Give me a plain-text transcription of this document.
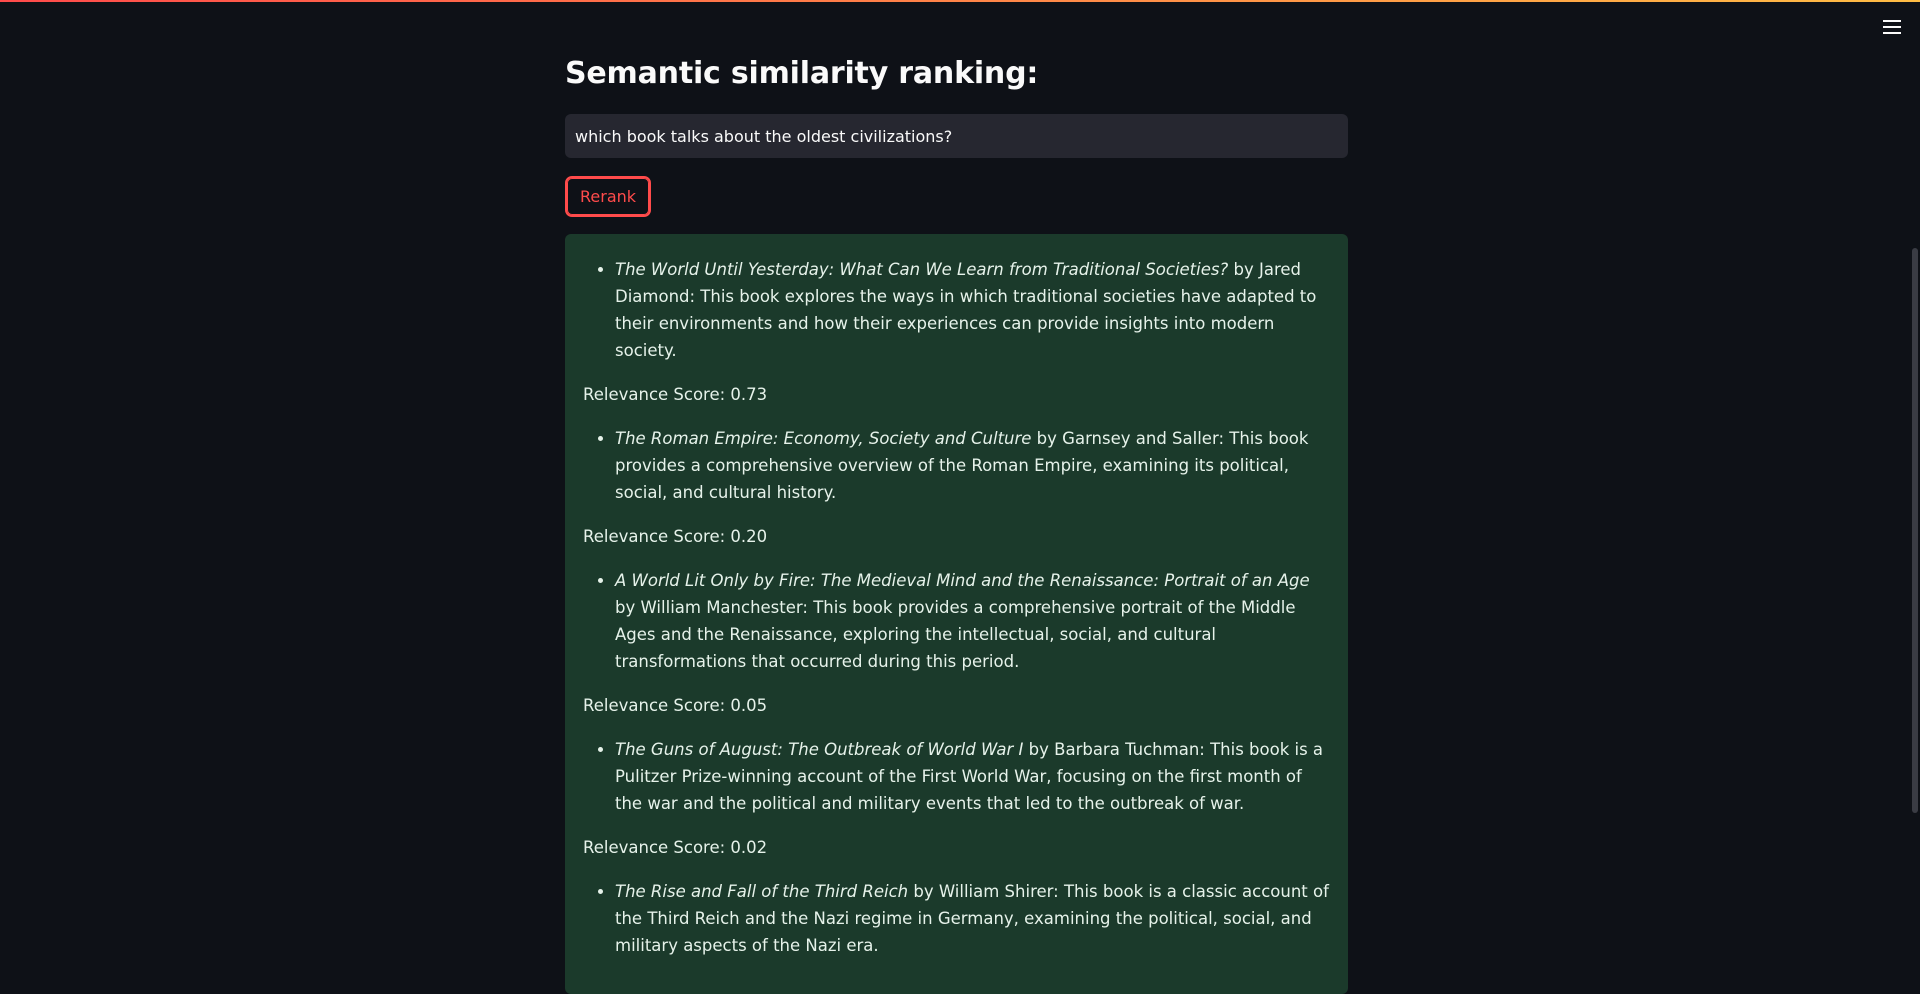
Semantic similarity ranking:
which book talks about the oldest civilizations?
Rerank
• The World Until Yesterday: What Can We Learn from Traditional Societies? by Jared Diamond: This book explores the ways in which traditional societies have adapted to their environments and how their experiences can provide insights into modern society.

Relevance Score: 0.73

• The Roman Empire: Economy, Society and Culture by Garnsey and Saller: This book provides a comprehensive overview of the Roman Empire, examining its political, social, and cultural history.

Relevance Score: 0.20

• A World Lit Only by Fire: The Medieval Mind and the Renaissance: Portrait of an Age by William Manchester: This book provides a comprehensive portrait of the Middle Ages and the Renaissance, exploring the intellectual, social, and cultural transformations that occurred during this period.

Relevance Score: 0.05

• The Guns of August: The Outbreak of World War I by Barbara Tuchman: This book is a Pulitzer Prize-winning account of the First World War, focusing on the first month of the war and the political and military events that led to the outbreak of war.

Relevance Score: 0.02

• The Rise and Fall of the Third Reich by William Shirer: This book is a classic account of the Third Reich and the Nazi regime in Germany, examining the political, social, and military aspects of the Nazi era.
